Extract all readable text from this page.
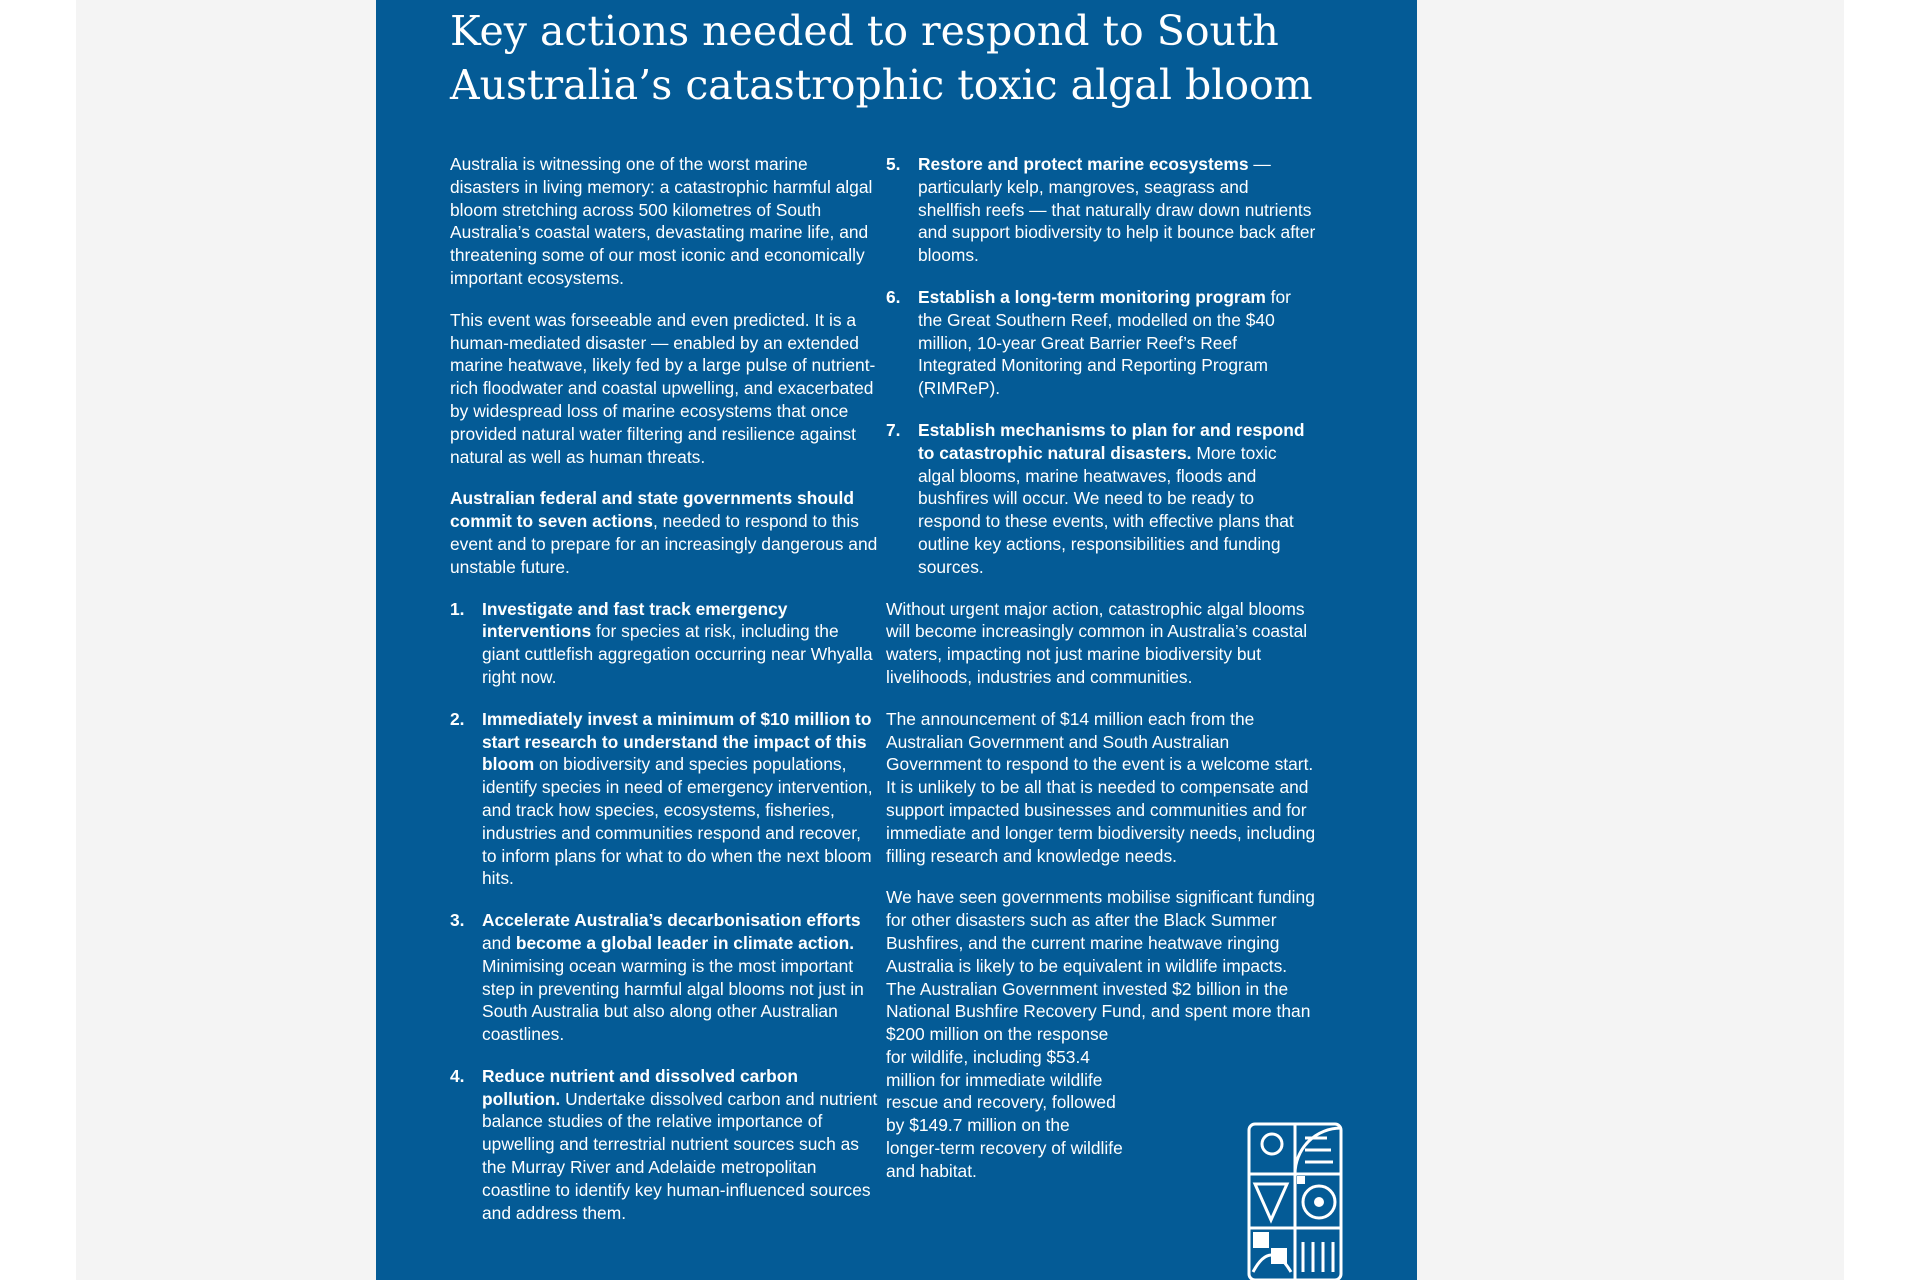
Key actions needed to respond to South Australia’s catastrophic toxic algal bloom

Australia is witnessing one of the worst marine disasters in living memory: a catastrophic harmful algal bloom stretching across 500 kilometres of South Australia’s coastal waters, devastating marine life, and threatening some of our most iconic and economically important ecosystems.

This event was forseeable and even predicted. It is a human-mediated disaster — enabled by an extended marine heatwave, likely fed by a large pulse of nutrient-rich floodwater and coastal upwelling, and exacerbated by widespread loss of marine ecosystems that once provided natural water filtering and resilience against natural as well as human threats.

Australian federal and state governments should commit to seven actions, needed to respond to this event and to prepare for an increasingly dangerous and unstable future.

1. Investigate and fast track emergency interventions for species at risk, including the giant cuttlefish aggregation occurring near Whyalla right now.
2. Immediately invest a minimum of $10 million to start research to understand the impact of this bloom on biodiversity and species populations, identify species in need of emergency intervention, and track how species, ecosystems, fisheries, industries and communities respond and recover, to inform plans for what to do when the next bloom hits.
3. Accelerate Australia’s decarbonisation efforts and become a global leader in climate action. Minimising ocean warming is the most important step in preventing harmful algal blooms not just in South Australia but also along other Australian coastlines.
4. Reduce nutrient and dissolved carbon pollution. Undertake dissolved carbon and nutrient balance studies of the relative importance of upwelling and terrestrial nutrient sources such as the Murray River and Adelaide metropolitan coastline to identify key human-influenced sources and address them.
5. Restore and protect marine ecosystems — particularly kelp, mangroves, seagrass and shellfish reefs — that naturally draw down nutrients and support biodiversity to help it bounce back after blooms.
6. Establish a long-term monitoring program for the Great Southern Reef, modelled on the $40 million, 10-year Great Barrier Reef’s Reef Integrated Monitoring and Reporting Program (RIMReP).
7. Establish mechanisms to plan for and respond to catastrophic natural disasters. More toxic algal blooms, marine heatwaves, floods and bushfires will occur. We need to be ready to respond to these events, with effective plans that outline key actions, responsibilities and funding sources.

Without urgent major action, catastrophic algal blooms will become increasingly common in Australia’s coastal waters, impacting not just marine biodiversity but livelihoods, industries and communities.

The announcement of $14 million each from the Australian Government and South Australian Government to respond to the event is a welcome start. It is unlikely to be all that is needed to compensate and support impacted businesses and communities and for immediate and longer term biodiversity needs, including filling research and knowledge needs.

We have seen governments mobilise significant funding for other disasters such as after the Black Summer Bushfires, and the current marine heatwave ringing Australia is likely to be equivalent in wildlife impacts. The Australian Government invested $2 billion in the National Bushfire Recovery Fund, and spent more than

$200 million on the response for wildlife, including $53.4 million for immediate wildlife rescue and recovery, followed by $149.7 million on the longer-term recovery of wildlife and habitat.
